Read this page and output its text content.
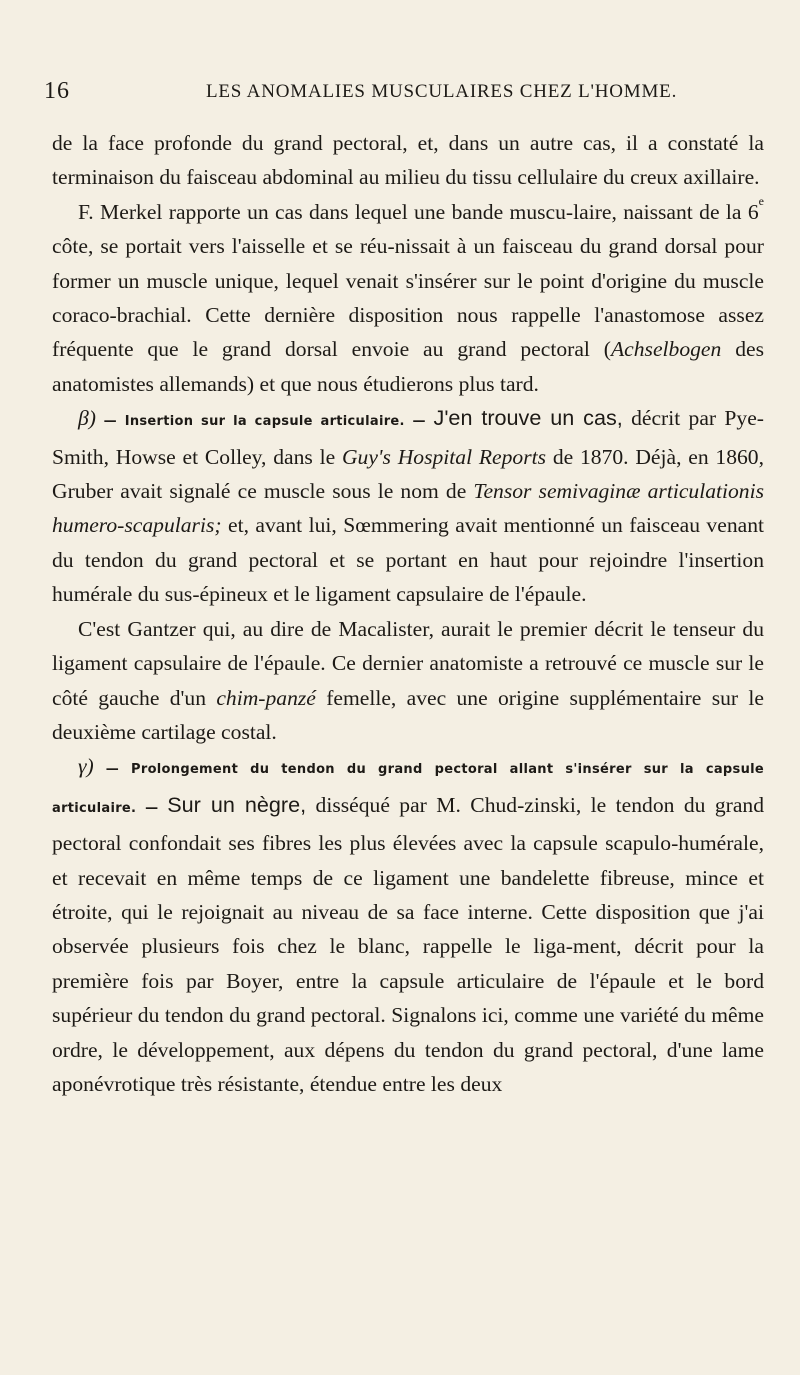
16	LES ANOMALIES MUSCULAIRES CHEZ L'HOMME.

de la face profonde du grand pectoral, et, dans un autre cas, il a constaté la terminaison du faisceau abdominal au milieu du tissu cellulaire du creux axillaire.

F. Merkel rapporte un cas dans lequel une bande muscu-laire, naissant de la 6e côte, se portait vers l'aisselle et se réu-nissait à un faisceau du grand dorsal pour former un muscle unique, lequel venait s'insérer sur le point d'origine du muscle coraco-brachial. Cette dernière disposition nous rappelle l'anastomose assez fréquente que le grand dorsal envoie au grand pectoral (Achselbogen des anatomistes allemands) et que nous étudierons plus tard.

β) — Insertion sur la capsule articulaire. — J'en trouve un cas, décrit par Pye-Smith, Howse et Colley, dans le Guy's Hospital Reports de 1870. Déjà, en 1860, Gruber avait signalé ce muscle sous le nom de Tensor semivaginæ articulationis humero-scapularis; et, avant lui, Sœmmering avait mentionné un faisceau venant du tendon du grand pectoral et se portant en haut pour rejoindre l'insertion humérale du sus-épineux et le ligament capsulaire de l'épaule.

C'est Gantzer qui, au dire de Macalister, aurait le premier décrit le tenseur du ligament capsulaire de l'épaule. Ce dernier anatomiste a retrouvé ce muscle sur le côté gauche d'un chim-panzé femelle, avec une origine supplémentaire sur le deuxième cartilage costal.

γ) — Prolongement du tendon du grand pectoral allant s'insérer sur la capsule articulaire. — Sur un nègre, disséqué par M. Chud-zinski, le tendon du grand pectoral confondait ses fibres les plus élevées avec la capsule scapulo-humérale, et recevait en même temps de ce ligament une bandelette fibreuse, mince et étroite, qui le rejoignait au niveau de sa face interne. Cette disposition que j'ai observée plusieurs fois chez le blanc, rappelle le liga-ment, décrit pour la première fois par Boyer, entre la capsule articulaire de l'épaule et le bord supérieur du tendon du grand pectoral. Signalons ici, comme une variété du même ordre, le développement, aux dépens du tendon du grand pectoral, d'une lame aponévrotique très résistante, étendue entre les deux
